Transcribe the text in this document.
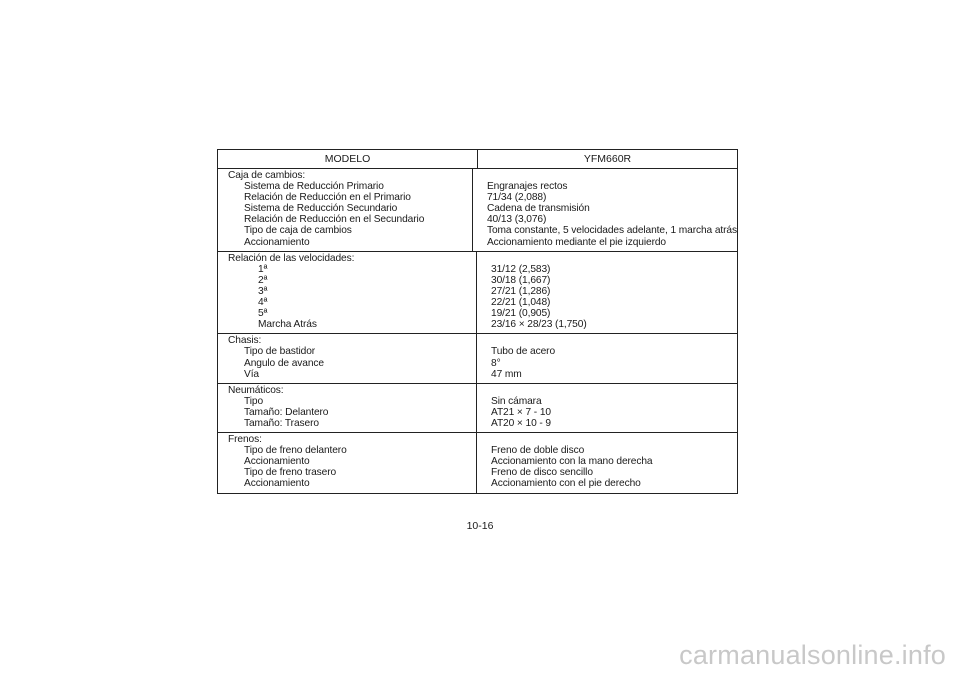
MODELO	YFM660R
Caja de cambios:
Sistema de Reducción Primario
Relación de Reducción en el Primario
Sistema de Reducción Secundario
Relación de Reducción en el Secundario
Tipo de caja de cambios
Accionamiento
Engranajes rectos
71/34 (2,088)
Cadena de transmisión
40/13 (3,076)
Toma constante, 5 velocidades adelante, 1 marcha atrás
Accionamiento mediante el pie izquierdo
Relación de las velocidades:
1ª
2ª
3ª
4ª
5ª
Marcha Atrás
31/12 (2,583)
30/18 (1,667)
27/21 (1,286)
22/21 (1,048)
19/21 (0,905)
23/16 × 28/23 (1,750)
Chasis:
Tipo de bastidor
Angulo de avance
Vía
Tubo de acero
8°
47 mm
Neumáticos:
Tipo
Tamaño: Delantero
Tamaño: Trasero
Sin cámara
AT21 × 7 - 10
AT20 × 10 - 9
Frenos:
Tipo de freno delantero
Accionamiento
Tipo de freno trasero
Accionamiento
Freno de doble disco
Accionamiento con la mano derecha
Freno de disco sencillo
Accionamiento con el pie derecho
10-16
carmanualsonline.info
